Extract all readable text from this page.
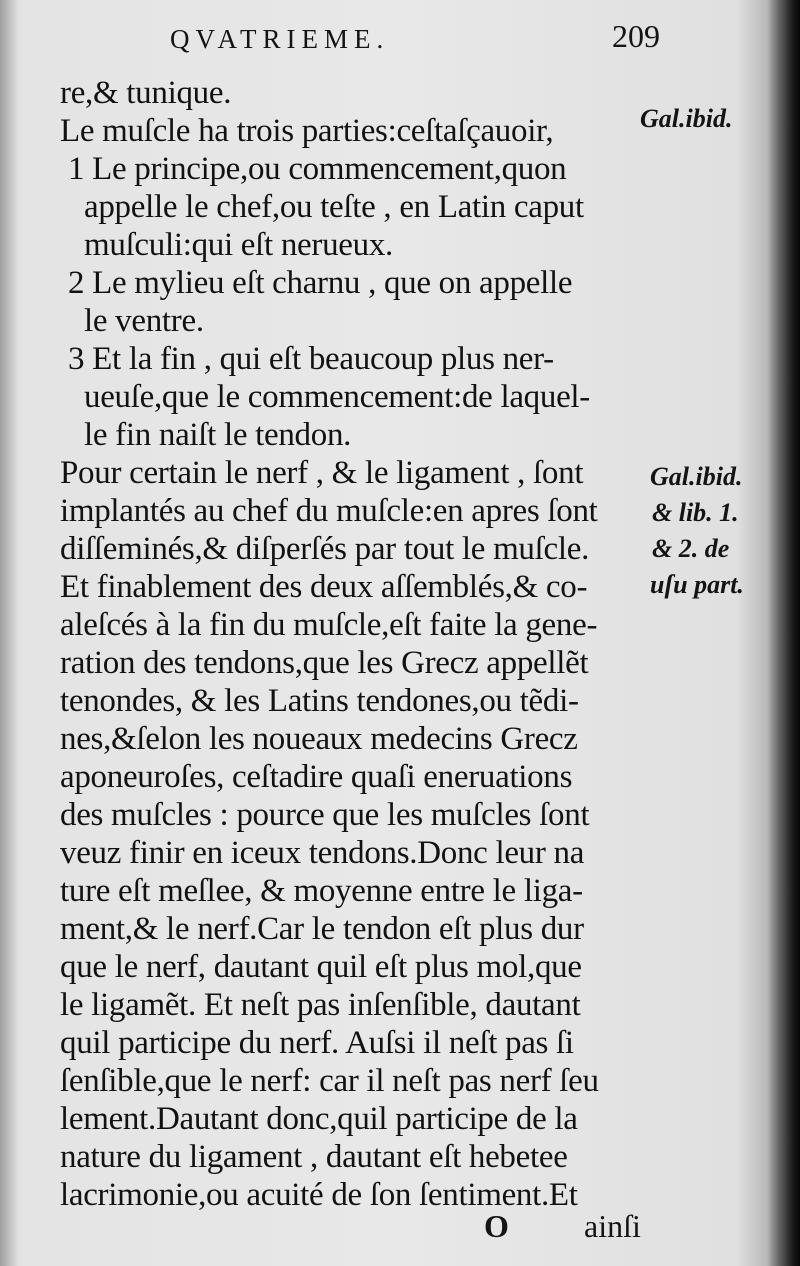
QVATRIEME.	209
re,& tunique.
Le muſcle ha trois parties:ceſtaſçauoir,
1 Le principe,ou commencement,quon
appelle le chef,ou teſte , en Latin caput
muſculi:qui eſt nerueux.
2 Le mylieu eſt charnu , que on appelle
le ventre.
3 Et la fin , qui eſt beaucoup plus ner-
ueuſe,que le commencement:de laquel-
le fin naiſt le tendon.
Pour certain le nerf , & le ligament , ſont
implantés au chef du muſcle:en apres ſont
diſſeminés,& diſperſés par tout le muſcle.
Et finablement des deux aſſemblés,& co-
aleſcés à la fin du muſcle,eſt faite la gene-
ration des tendons,que les Grecz appellẽt
tenondes, & les Latins tendones,ou tẽdi-
nes,&ſelon les noueaux medecins Grecz
aponeuroſes, ceſtadire quaſi eneruations
des muſcles : pource que les muſcles ſont
veuz finir en iceux tendons.Donc leur na
ture eſt meſlee, & moyenne entre le liga-
ment,& le nerf.Car le tendon eſt plus dur
que le nerf, dautant quil eſt plus mol,que
le ligamẽt. Et neſt pas inſenſible, dautant
quil participe du nerf. Auſsi il neſt pas ſi
ſenſible,que le nerf: car il neſt pas nerf ſeu
lement.Dautant donc,quil participe de la
nature du ligament , dautant eſt hebetee
lacrimonie,ou acuité de ſon ſentiment.Et
Gal.ibid.
Gal.ibid.
& lib. 1.
& 2. de
uſu part.
O ainſi
